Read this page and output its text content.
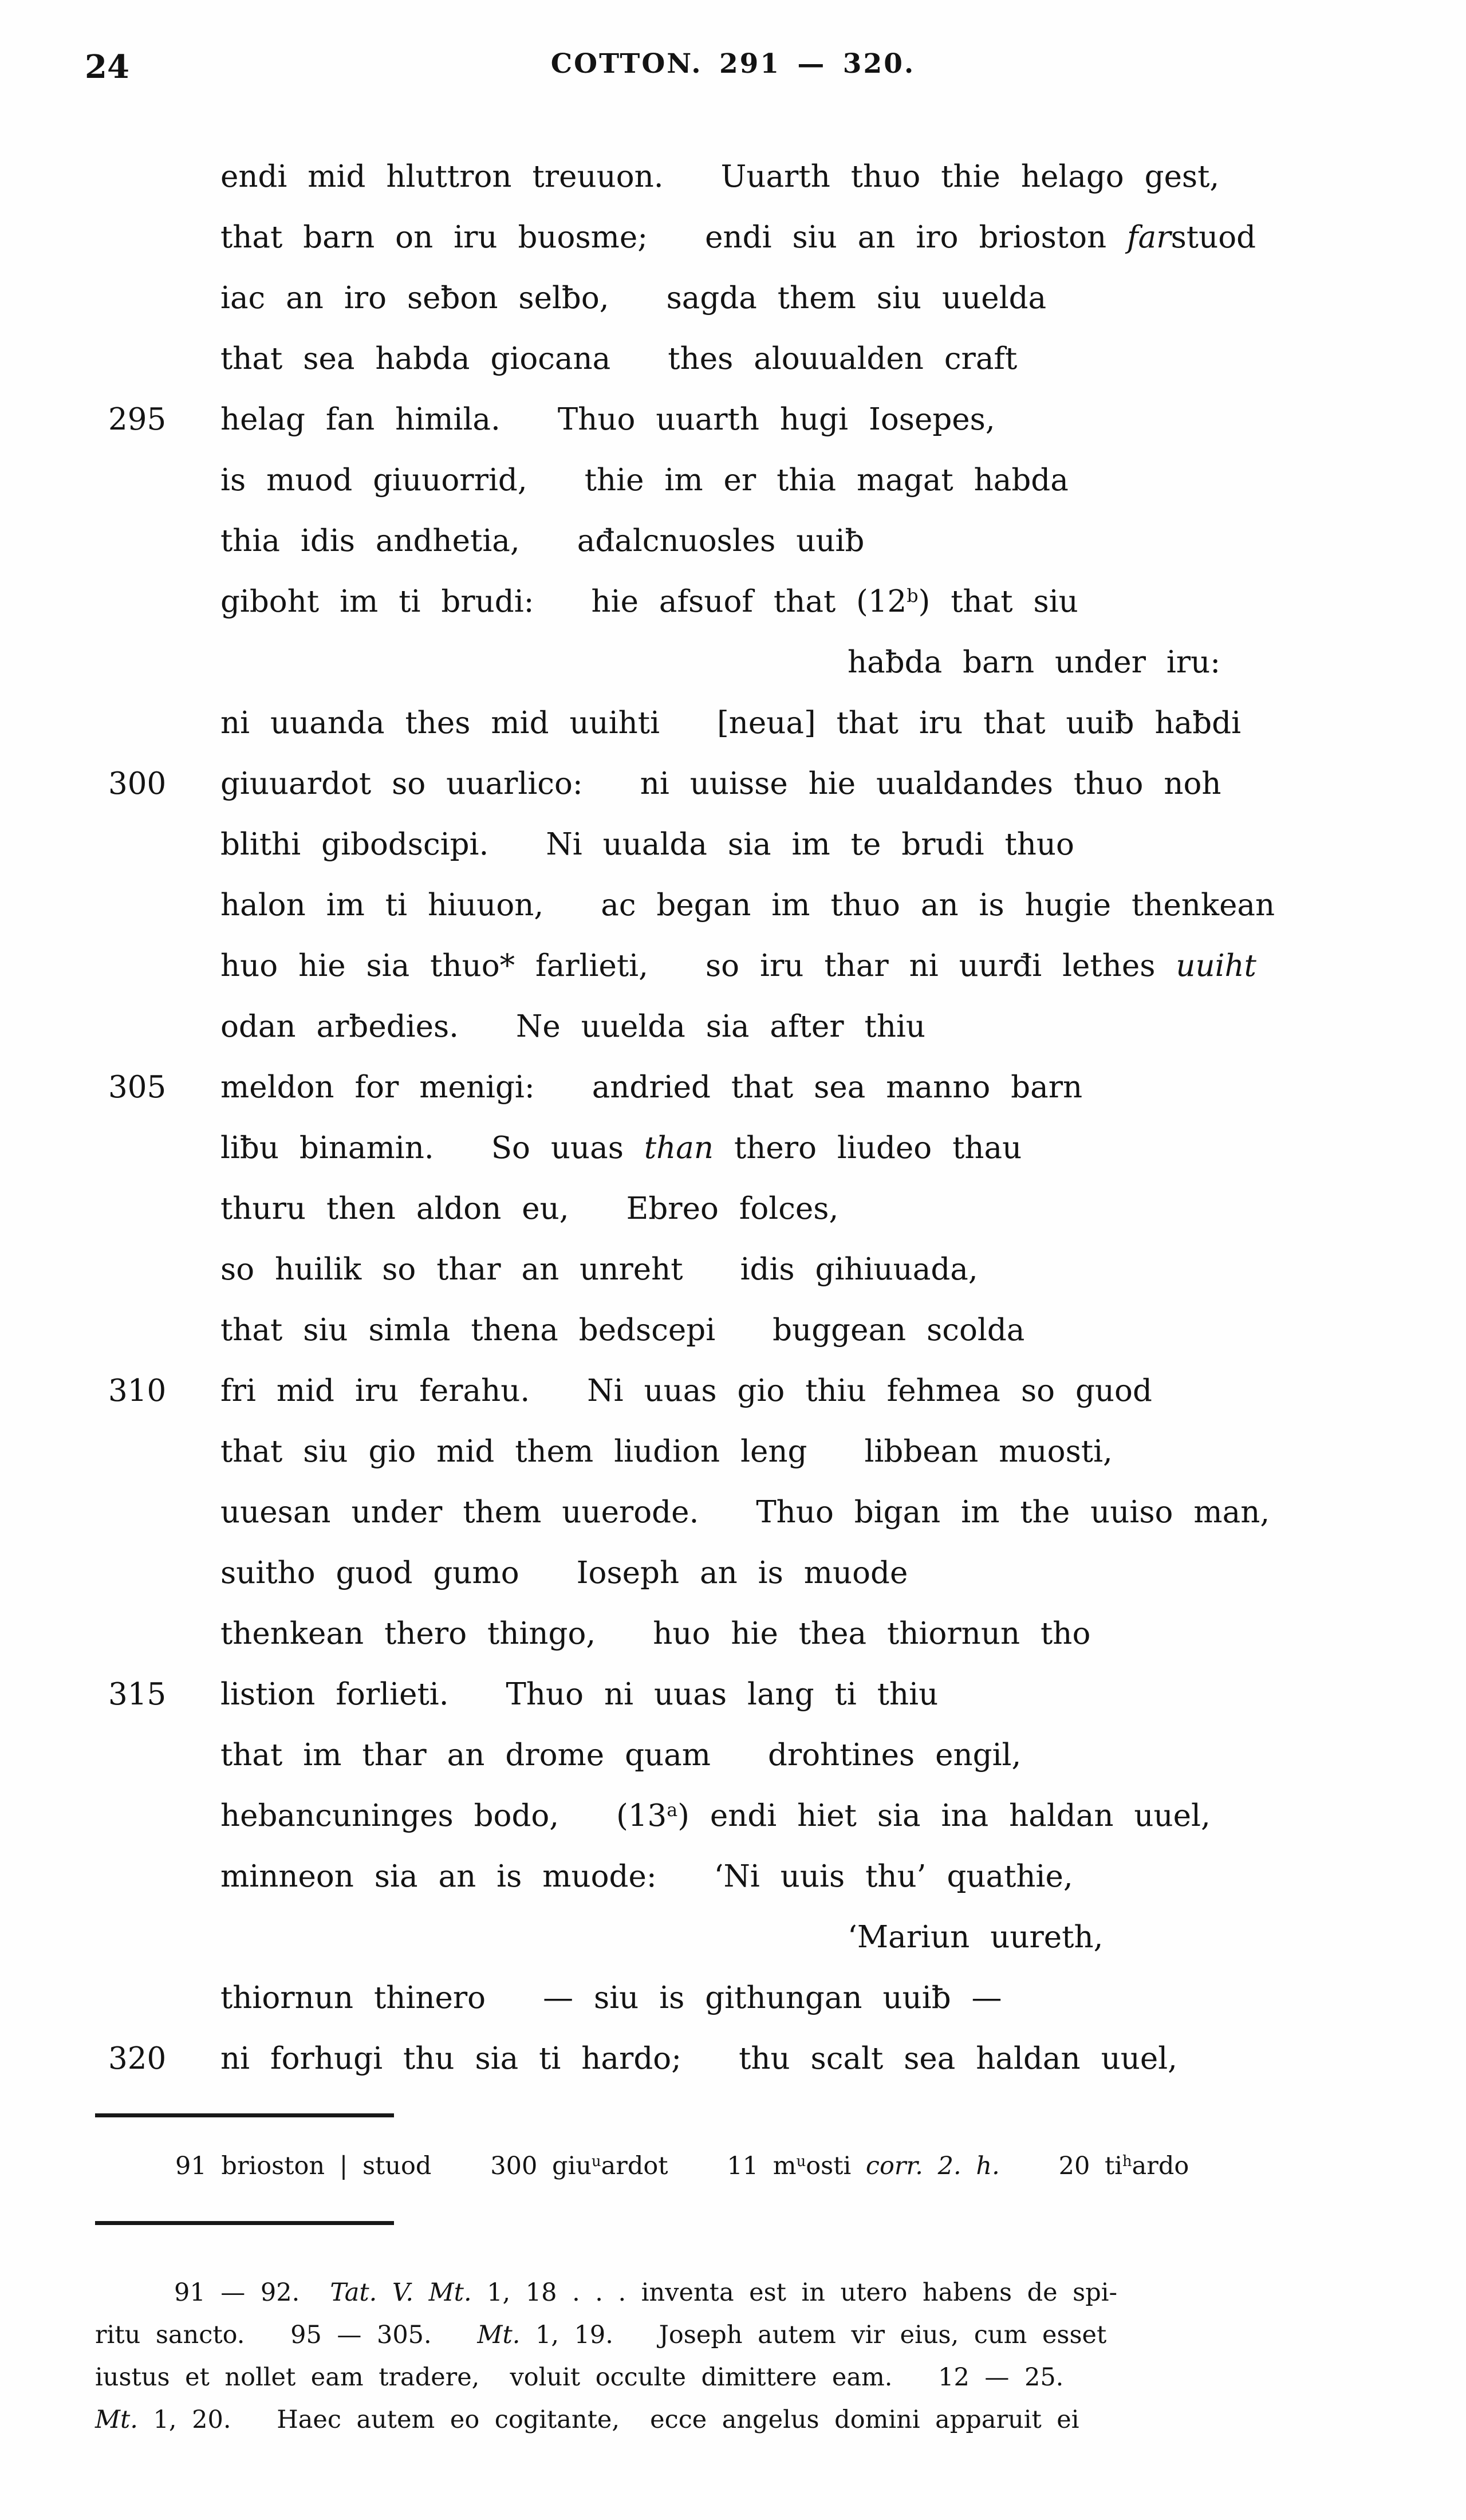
24	COTTON. 291 — 320.
endi mid hluttron treuuon. Uuarth thuo thie helago gest,
that barn on iru buosme; endi siu an iro brioston farstuod
iac an iro seƀon selƀo, sagda them siu uuelda
that sea habda giocana thes alouualden craft
295 helag fan himila. Thuo uuarth hugi Iosepes,
is muod giuuorrid, thie im er thia magat habda
thia idis andhetia, ađalcnuosles uuiƀ
giboht im ti brudi: hie afsuof that (12$^b$) that siu
haƀda barn under iru:
ni uuanda thes mid uuihti [neua] that iru that uuiƀ haƀdi
300 giuuardot so uuarlico: ni uuisse hie uualdandes thuo noh
blithi gibodscipi. Ni uualda sia im te brudi thuo
halon im ti hiuuon, ac began im thuo an is hugie thenkean
huo hie sia thuo* farlieti, so iru thar ni uurđi lethes uuiht
odan arƀedies. Ne uuelda sia after thiu
305 meldon for menigi: andried that sea manno barn
liƀu binamin. So uuas than thero liudeo thau
thuru then aldon eu, Ebreo folces,
so huilik so thar an unreht idis gihiuuada,
that siu simla thena bedscepi buggean scolda
310 fri mid iru ferahu. Ni uuas gio thiu fehmea so guod
that siu gio mid them liudion leng libbean muosti,
uuesan under them uuerode. Thuo bigan im the uuiso man,
suitho guod gumo Ioseph an is muode
thenkean thero thingo, huo hie thea thiornun tho
315 listion forlieti. Thuo ni uuas lang ti thiu
that im thar an drome quam drohtines engil,
hebancuninges bodo, (13$^a$) endi hiet sia ina haldan uuel,
minneon sia an is muode: ‘Ni uuis thu’ quathie,
‘Mariun uureth,
thiornun thinero — siu is githungan uuiƀ —
320 ni forhugi thu sia ti hardo; thu scalt sea haldan uuel,
91 brioston | stuod    300 giu$^u$ardot    11 $m^uosti$ corr. 2. h.    20 $ti^hardo$
91 — 92.  Tat. V. Mt. 1, 18 . . . inventa est in utero habens de spi-
ritu sancto.   95 — 305.   Mt. 1, 19.   Joseph autem vir eius, cum esset
iustus et nollet eam tradere,  voluit occulte dimittere eam.   12 — 25.
Mt. 1, 20.   Haec autem eo cogitante,  ecce angelus domini apparuit ei
